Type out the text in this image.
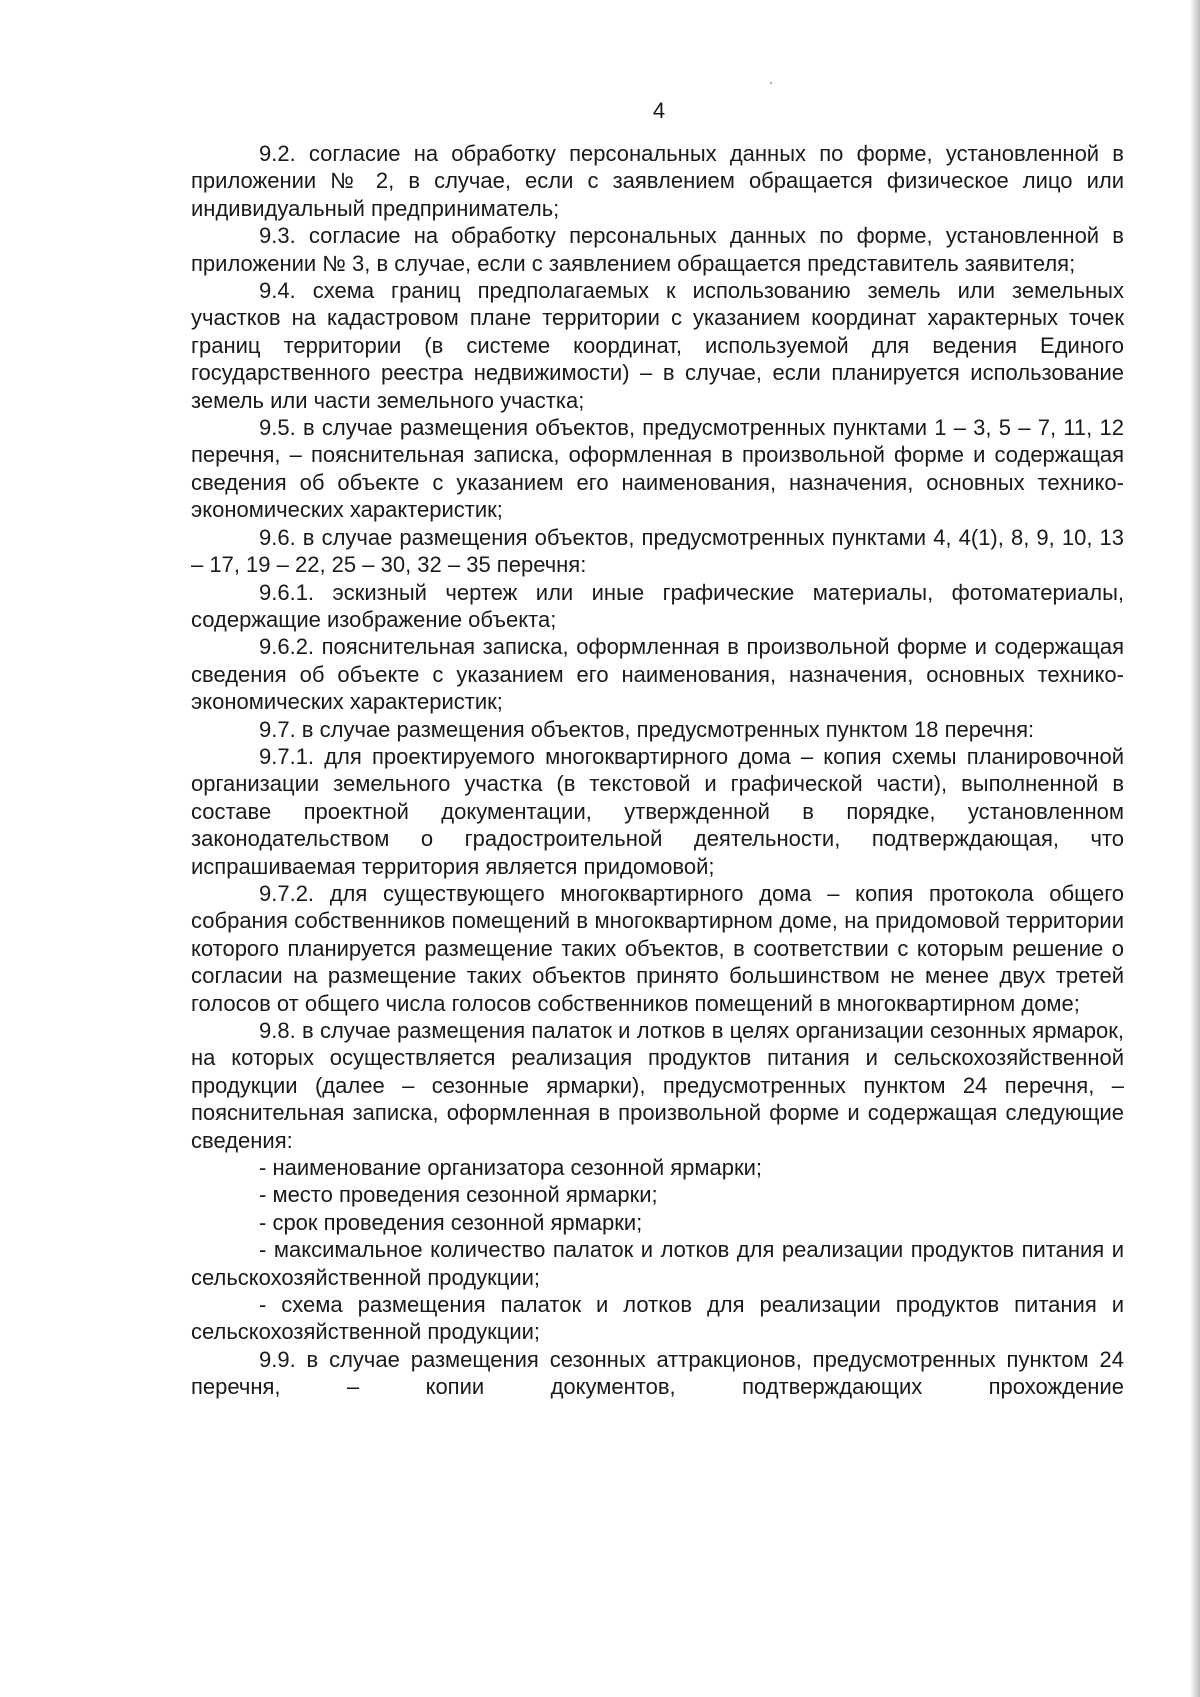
4

9.2. согласие на обработку персональных данных по форме, установленной в приложении № 2, в случае, если с заявлением обращается физическое лицо или индивидуальный предприниматель;

9.3. согласие на обработку персональных данных по форме, установленной в приложении № 3, в случае, если с заявлением обращается представитель заявителя;

9.4. схема границ предполагаемых к использованию земель или земельных участков на кадастровом плане территории с указанием координат характерных точек границ территории (в системе координат, используемой для ведения Единого государственного реестра недвижимости) – в случае, если планируется использование земель или части земельного участка;

9.5. в случае размещения объектов, предусмотренных пунктами 1 – 3, 5 – 7, 11, 12 перечня, – пояснительная записка, оформленная в произвольной форме и содержащая сведения об объекте с указанием его наименования, назначения, основных технико-экономических характеристик;

9.6. в случае размещения объектов, предусмотренных пунктами 4, 4(1), 8, 9, 10, 13 – 17, 19 – 22, 25 – 30, 32 – 35 перечня:

9.6.1. эскизный чертеж или иные графические материалы, фотоматериалы, содержащие изображение объекта;

9.6.2. пояснительная записка, оформленная в произвольной форме и содержащая сведения об объекте с указанием его наименования, назначения, основных технико-экономических характеристик;

9.7. в случае размещения объектов, предусмотренных пунктом 18 перечня:

9.7.1. для проектируемого многоквартирного дома – копия схемы планировочной организации земельного участка (в текстовой и графической части), выполненной в составе проектной документации, утвержденной в порядке, установленном законодательством о градостроительной деятельности, подтверждающая, что испрашиваемая территория является придомовой;

9.7.2. для существующего многоквартирного дома – копия протокола общего собрания собственников помещений в многоквартирном доме, на придомовой территории которого планируется размещение таких объектов, в соответствии с которым решение о согласии на размещение таких объектов принято большинством не менее двух третей голосов от общего числа голосов собственников помещений в многоквартирном доме;

9.8. в случае размещения палаток и лотков в целях организации сезонных ярмарок, на которых осуществляется реализация продуктов питания и сельскохозяйственной продукции (далее – сезонные ярмарки), предусмотренных пунктом 24 перечня, – пояснительная записка, оформленная в произвольной форме и содержащая следующие сведения:

- наименование организатора сезонной ярмарки;

- место проведения сезонной ярмарки;

- срок проведения сезонной ярмарки;

- максимальное количество палаток и лотков для реализации продуктов питания и сельскохозяйственной продукции;

- схема размещения палаток и лотков для реализации продуктов питания и сельскохозяйственной продукции;

9.9. в случае размещения сезонных аттракционов, предусмотренных пунктом 24 перечня, – копии документов, подтверждающих прохождение
